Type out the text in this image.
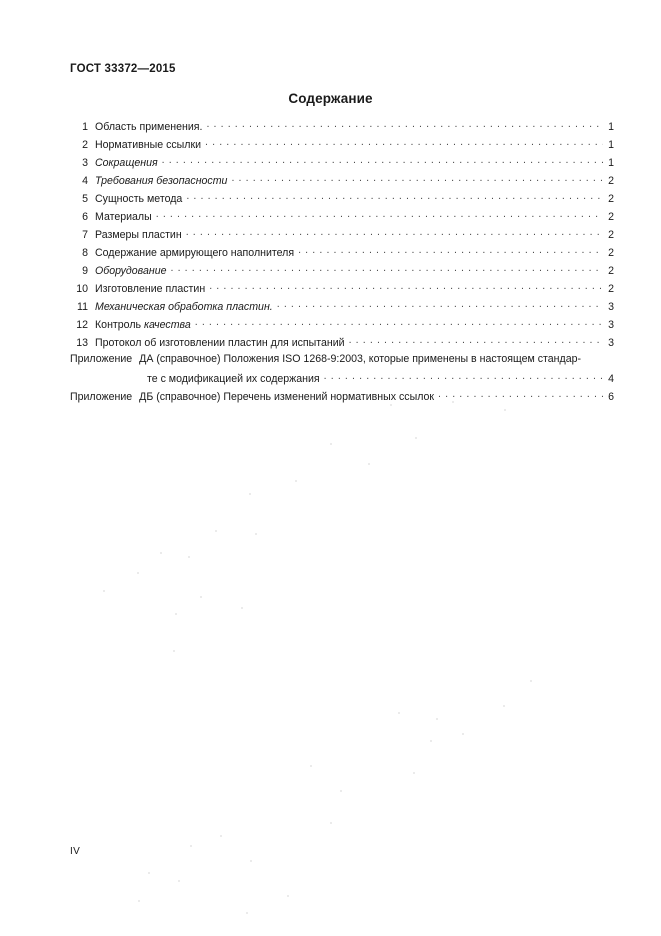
ГОСТ 33372—2015
Содержание
1 Область применения. . . .	1
2 Нормативные ссылки . . .	1
3 Сокращения . . .	1
4 Требования безопасности . . .	2
5 Сущность метода . . .	2
6 Материалы . . .	2
7 Размеры пластин . . .	2
8 Содержание армирующего наполнителя . . .	2
9 Оборудование . . .	2
10 Изготовление пластин . . .	2
11 Механическая обработка пластин. . . .	3
12 Контроль качества . . .	3
13 Протокол об изготовлении пластин для испытаний . . .	3
Приложение ДА (справочное) Положения ISO 1268-9:2003, которые применены в настоящем стандар-
те с модификацией их содержания . . .	4
Приложение ДБ (справочное) Перечень изменений нормативных ссылок . . .	6
IV
